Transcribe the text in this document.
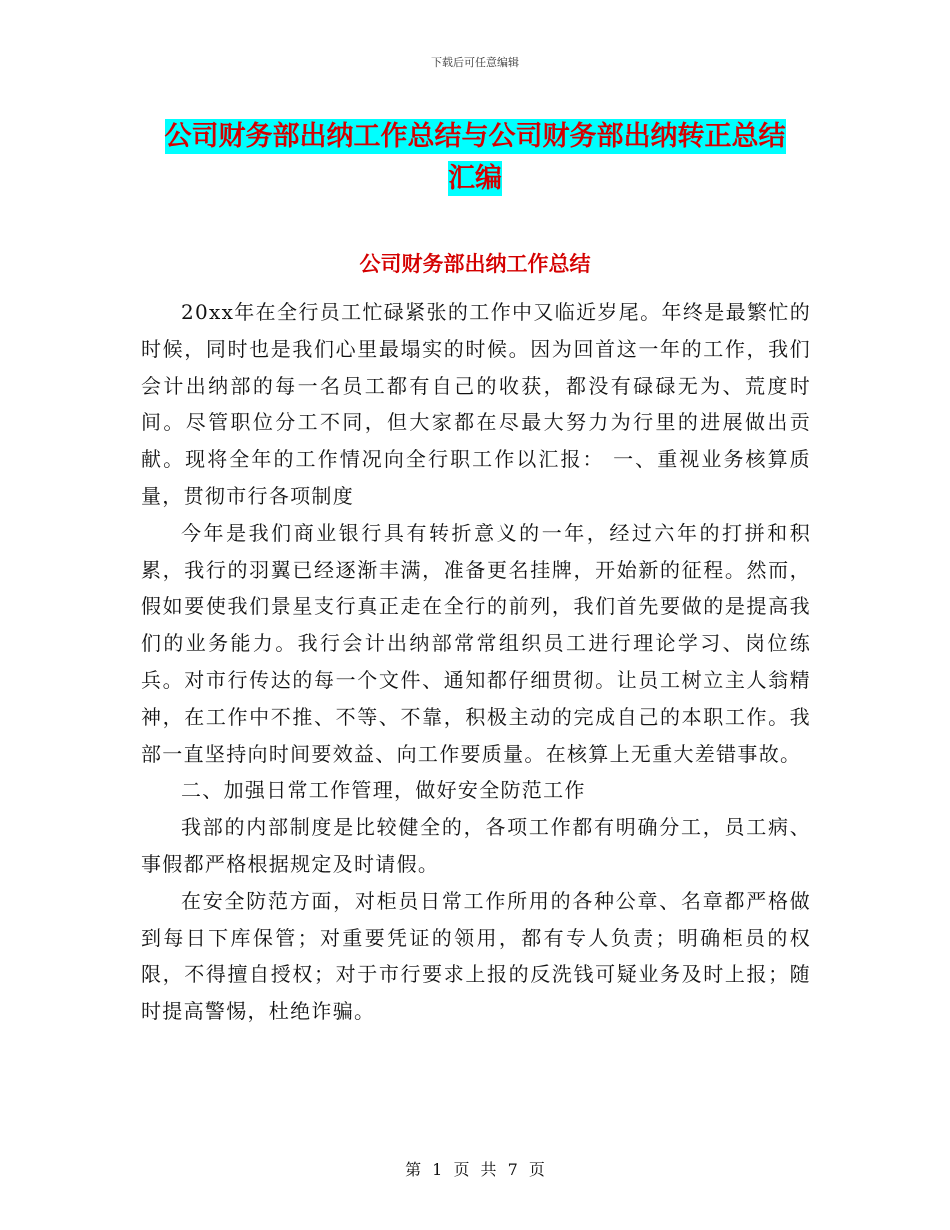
下载后可任意编辑
公司财务部出纳工作总结与公司财务部出纳转正总结
汇编
公司财务部出纳工作总结

20xx年在全行员工忙碌紧张的工作中又临近岁尾。年终是最繁忙的时候，同时也是我们心里最塌实的时候。因为回首这一年的工作，我们会计出纳部的每一名员工都有自己的收获，都没有碌碌无为、荒度时间。尽管职位分工不同，但大家都在尽最大努力为行里的进展做出贡献。现将全年的工作情况向全行职工作以汇报： 一、重视业务核算质量，贯彻市行各项制度

今年是我们商业银行具有转折意义的一年，经过六年的打拼和积累，我行的羽翼已经逐渐丰满，准备更名挂牌，开始新的征程。然而，假如要使我们景星支行真正走在全行的前列，我们首先要做的是提高我们的业务能力。我行会计出纳部常常组织员工进行理论学习、岗位练兵。对市行传达的每一个文件、通知都仔细贯彻。让员工树立主人翁精神，在工作中不推、不等、不靠，积极主动的完成自己的本职工作。我部一直坚持向时间要效益、向工作要质量。在核算上无重大差错事故。

二、加强日常工作管理，做好安全防范工作

我部的内部制度是比较健全的，各项工作都有明确分工，员工病、事假都严格根据规定及时请假。

在安全防范方面，对柜员日常工作所用的各种公章、名章都严格做到每日下库保管；对重要凭证的领用，都有专人负责；明确柜员的权限，不得擅自授权；对于市行要求上报的反洗钱可疑业务及时上报；随时提高警惕，杜绝诈骗。

第 1 页 共 7 页
